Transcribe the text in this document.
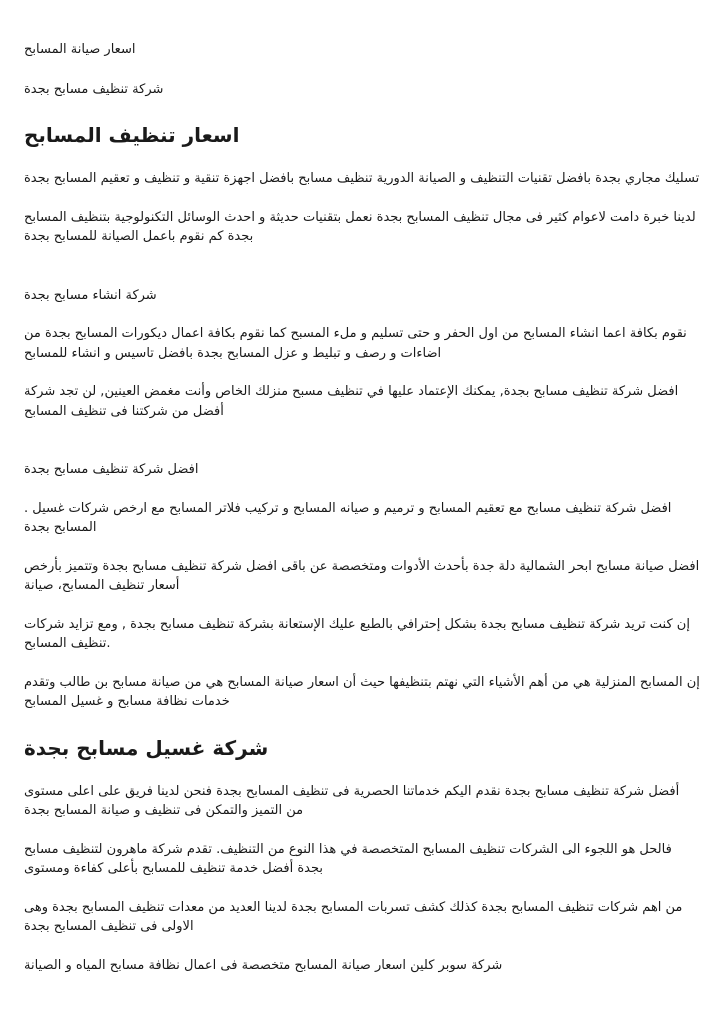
اسعار صيانة المسابح

شركة تنظيف مسابح بجدة

اسعار تنظيف المسابح

تسليك مجاري بجدة بافضل تقنيات التنظيف و الصيانة الدورية تنظيف مسابح بافضل اجهزة تنقية و تنظيف و تعقيم المسابح بجدة

لدينا خبرة دامت لاعوام كثير فى مجال تنظيف المسابح بجدة نعمل بتقنيات حديثة و احدث الوسائل التكنولوجية بتنظيف المسابح بجدة كم نقوم باعمل الصيانة للمسابح بجدة

شركة انشاء مسابح بجدة

نقوم بكافة اعما انشاء المسابح من اول الحفر و حتى تسليم و ملء المسبح كما نقوم بكافة اعمال ديكورات المسابح بجدة من اضاءات و رصف و تبليط و عزل المسابح بجدة بافضل تاسيس و انشاء للمسابح

افضل شركة تنظيف مسابح بجدة, يمكنك الإعتماد عليها في تنظيف مسبح منزلك الخاص وأنت مغمض العينين, لن تجد شركة أفضل من شركتنا فى تنظيف المسابح

افضل شركة تنظيف مسابح بجدة

. افضل شركة تنظيف مسابح مع تعقيم المسابح و ترميم و صيانه المسابح و تركيب فلاتر المسابح مع ارخص شركات غسيل المسابح بجدة

افضل صيانة مسابح ابحر الشمالية دلة جدة بأحدث الأدوات ومتخصصة عن باقى افضل شركة تنظيف مسابح بجدة وتتميز بأرخص أسعار تنظيف المسابح، صيانة

إن كنت تريد شركة تنظيف مسابح بجدة بشكل إحترافي بالطبع عليك الإستعانة بشركة تنظيف مسابح بجدة , ومع تزايد شركات تنظيف المسابح.

إن المسابح المنزلية هي من أهم الأشياء التي نهتم بتنظيفها حيث أن اسعار صيانة المسابح هي من صيانة مسابح بن طالب وتقدم خدمات نظافة مسابح و غسيل المسابح

شركة غسيل مسابح بجدة

أفضل شركة تنظيف مسابح بجدة نقدم اليكم خدماتنا الحصرية فى تنظيف المسابح بجدة فنحن لدينا فريق على اعلى مستوى من التميز والتمكن فى تنظيف و صيانة المسابح بجدة

فالحل هو اللجوء الى الشركات تنظيف المسابح المتخصصة في هذا النوع من التنظيف. تقدم شركة ماهرون لتنظيف مسابح بجدة أفضل خدمة تنظيف للمسابح بأعلى كفاءة ومستوى

من اهم شركات تنظيف المسابح بجدة كذلك كشف تسربات المسابح بجدة لدينا العديد من معدات تنظيف المسابح بجدة وهى الاولى فى تنظيف المسابح بجدة

شركة سوبر كلين اسعار صيانة المسابح متخصصة فى اعمال نظافة مسابح المياه و الصيانة
